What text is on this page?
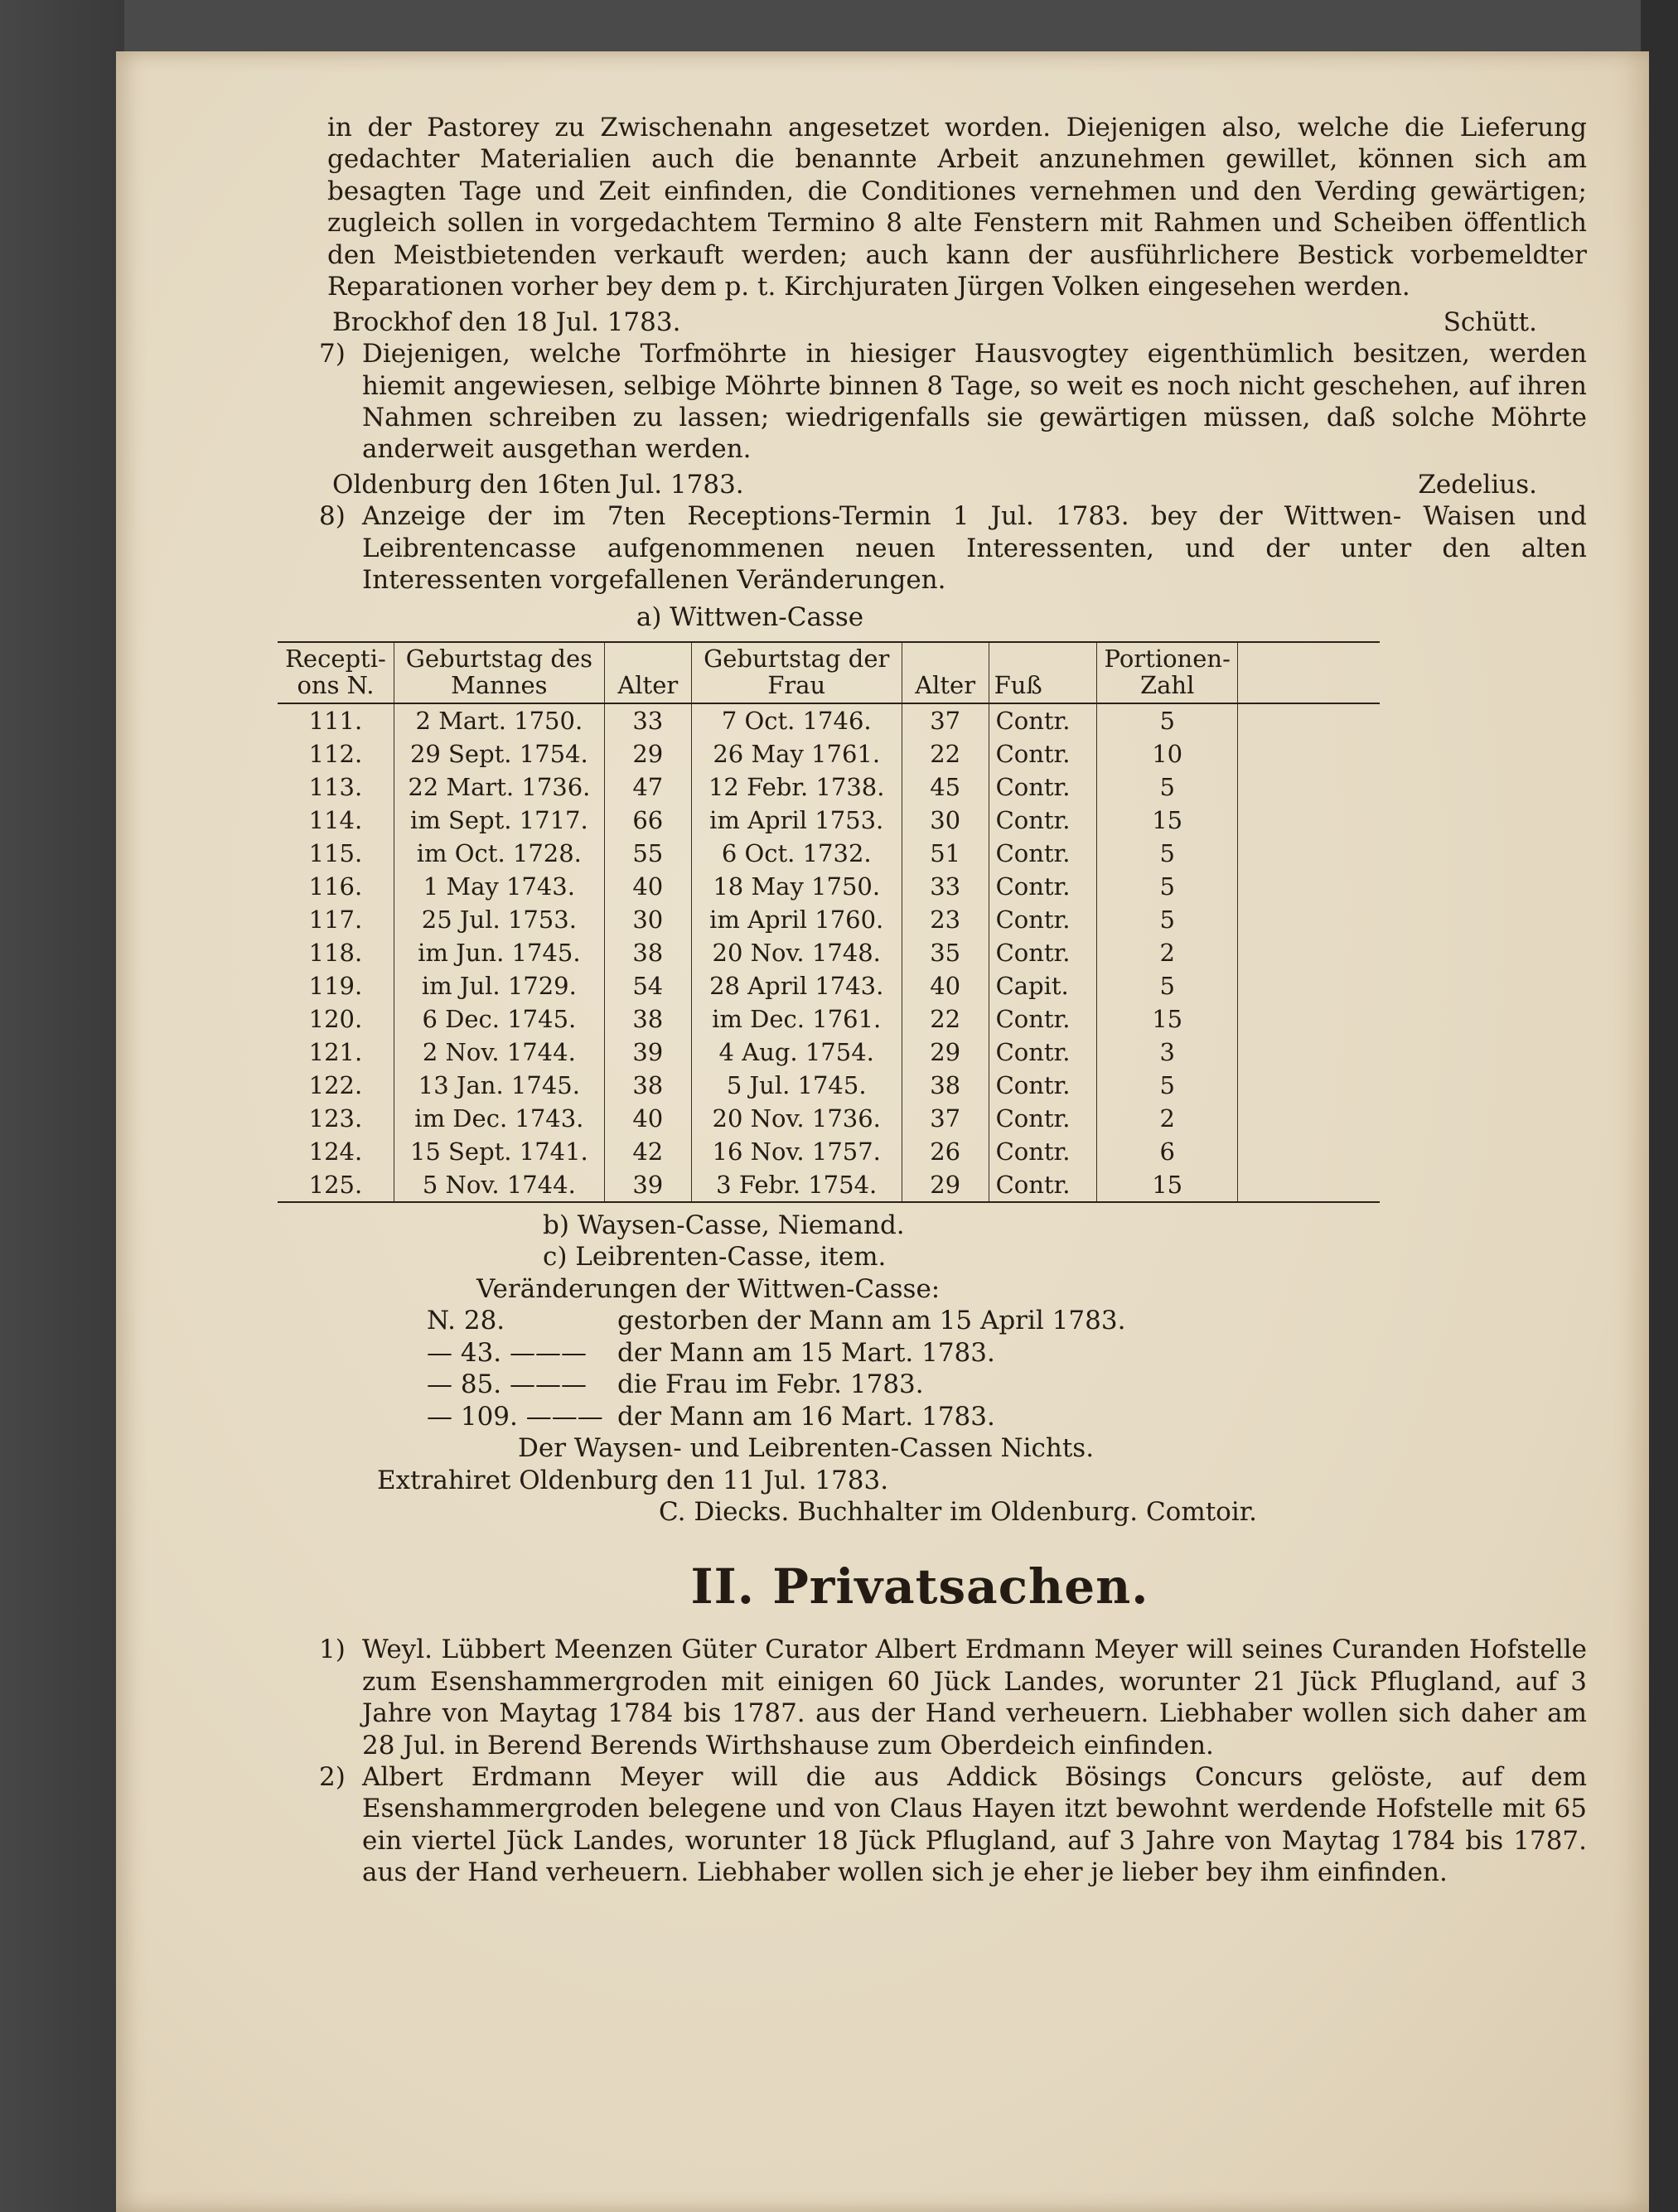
in der Pastorey zu Zwischenahn angesetzet worden. Diejenigen also, welche die Lieferung gedachter Materialien auch die benannte Arbeit anzunehmen gewillet, können sich am besagten Tage und Zeit einfinden, die Conditiones vernehmen und den Verding gewärtigen; zugleich sollen in vorgedachtem Termino 8 alte Fenstern mit Rahmen und Scheiben öffentlich den Meistbietenden verkauft werden; auch kann der ausführlichere Bestick vorbemeldter Reparationen vorher bey dem p. t. Kirchjuraten Jürgen Volken eingesehen werden.

Brockhof den 18 Jul. 1783.	Schütt.
7) Diejenigen, welche Torfmöhrte in hiesiger Hausvogtey eigenthümlich besitzen, werden hiemit angewiesen, selbige Möhrte binnen 8 Tage, so weit es noch nicht geschehen, auf ihren Nahmen schreiben zu lassen; wiedrigenfalls sie gewärtigen müssen, daß solche Möhrte anderweit ausgethan werden.

Oldenburg den 16ten Jul. 1783.	Zedelius.
8) Anzeige der im 7ten Receptions-Termin 1 Jul. 1783. bey der Wittwen- Waisen und Leibrentencasse aufgenommenen neuen Interessenten, und der unter den alten Interessenten vorgefallenen Veränderungen.

a) Wittwen-Casse
Recepti-ons N.	Geburtstag des Mannes	Alter	Geburtstag der Frau	Alter	Fuß	Portionen-Zahl	
111.	2 Mart. 1750.	33	7 Oct. 1746.	37	Contr.	5	
112.	29 Sept. 1754.	29	26 May 1761.	22	Contr.	10	
113.	22 Mart. 1736.	47	12 Febr. 1738.	45	Contr.	5	
114.	im Sept. 1717.	66	im April 1753.	30	Contr.	15	
115.	im Oct. 1728.	55	6 Oct. 1732.	51	Contr.	5	
116.	1 May 1743.	40	18 May 1750.	33	Contr.	5	
117.	25 Jul. 1753.	30	im April 1760.	23	Contr.	5	
118.	im Jun. 1745.	38	20 Nov. 1748.	35	Contr.	2	
119.	im Jul. 1729.	54	28 April 1743.	40	Capit.	5	
120.	6 Dec. 1745.	38	im Dec. 1761.	22	Contr.	15	
121.	2 Nov. 1744.	39	4 Aug. 1754.	29	Contr.	3	
122.	13 Jan. 1745.	38	5 Jul. 1745.	38	Contr.	5	
123.	im Dec. 1743.	40	20 Nov. 1736.	37	Contr.	2	
124.	15 Sept. 1741.	42	16 Nov. 1757.	26	Contr.	6	
125.	5 Nov. 1744.	39	3 Febr. 1754.	29	Contr.	15	
b) Waysen-Casse, Niemand.
c) Leibrenten-Casse, item.
Veränderungen der Wittwen-Casse:
N. 28.	gestorben der Mann am 15 April 1783.
— 43. ———	der Mann am 15 Mart. 1783.
— 85. ———	die Frau im Febr. 1783.
— 109. ——— der Mann am 16 Mart. 1783.
Der Waysen- und Leibrenten-Cassen Nichts.
Extrahiret Oldenburg den 11 Jul. 1783.
C. Diecks. Buchhalter im Oldenburg. Comtoir.
II. Privatsachen.
1) Weyl. Lübbert Meenzen Güter Curator Albert Erdmann Meyer will seines Curanden Hofstelle zum Esenshammergroden mit einigen 60 Jück Landes, worunter 21 Jück Pflugland, auf 3 Jahre von Maytag 1784 bis 1787. aus der Hand verheuern. Liebhaber wollen sich daher am 28 Jul. in Berend Berends Wirthshause zum Oberdeich einfinden.

2) Albert Erdmann Meyer will die aus Addick Bösings Concurs gelöste, auf dem Esenshammergroden belegene und von Claus Hayen itzt bewohnt werdende Hofstelle mit 65 ein viertel Jück Landes, worunter 18 Jück Pflugland, auf 3 Jahre von Maytag 1784 bis 1787. aus der Hand verheuern. Liebhaber wollen sich je eher je lieber bey ihm einfinden.
